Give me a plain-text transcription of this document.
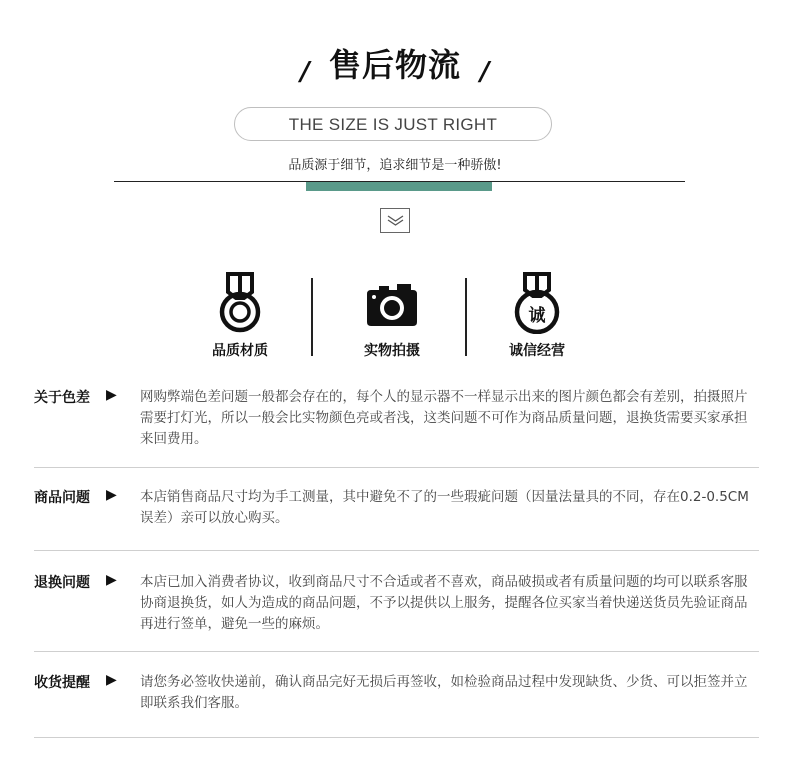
/ 售后物流 /
THE SIZE IS JUST RIGHT
品质源于细节，追求细节是一种骄傲!
品质材质	实物拍摄
诚
诚信经营
关于色差 ▶ 网购弊端色差问题一般都会存在的，每个人的显示器不一样显示出来的图片颜色都会有差别，拍摄照片需要打灯光，所以一般会比实物颜色亮或者浅，这类问题不可作为商品质量问题，退换货需要买家承担来回费用。
商品问题 ▶ 本店销售商品尺寸均为手工测量，其中避免不了的一些瑕疵问题（因量法量具的不同，存在0.2-0.5CM误差）亲可以放心购买。
退换问题 ▶ 本店已加入消费者协议，收到商品尺寸不合适或者不喜欢，商品破损或者有质量问题的均可以联系客服协商退换货，如人为造成的商品问题，不予以提供以上服务，提醒各位买家当着快递送货员先验证商品再进行签单，避免一些的麻烦。
收货提醒 ▶ 请您务必签收快递前，确认商品完好无损后再签收，如检验商品过程中发现缺货、少货、可以拒签并立即联系我们客服。
